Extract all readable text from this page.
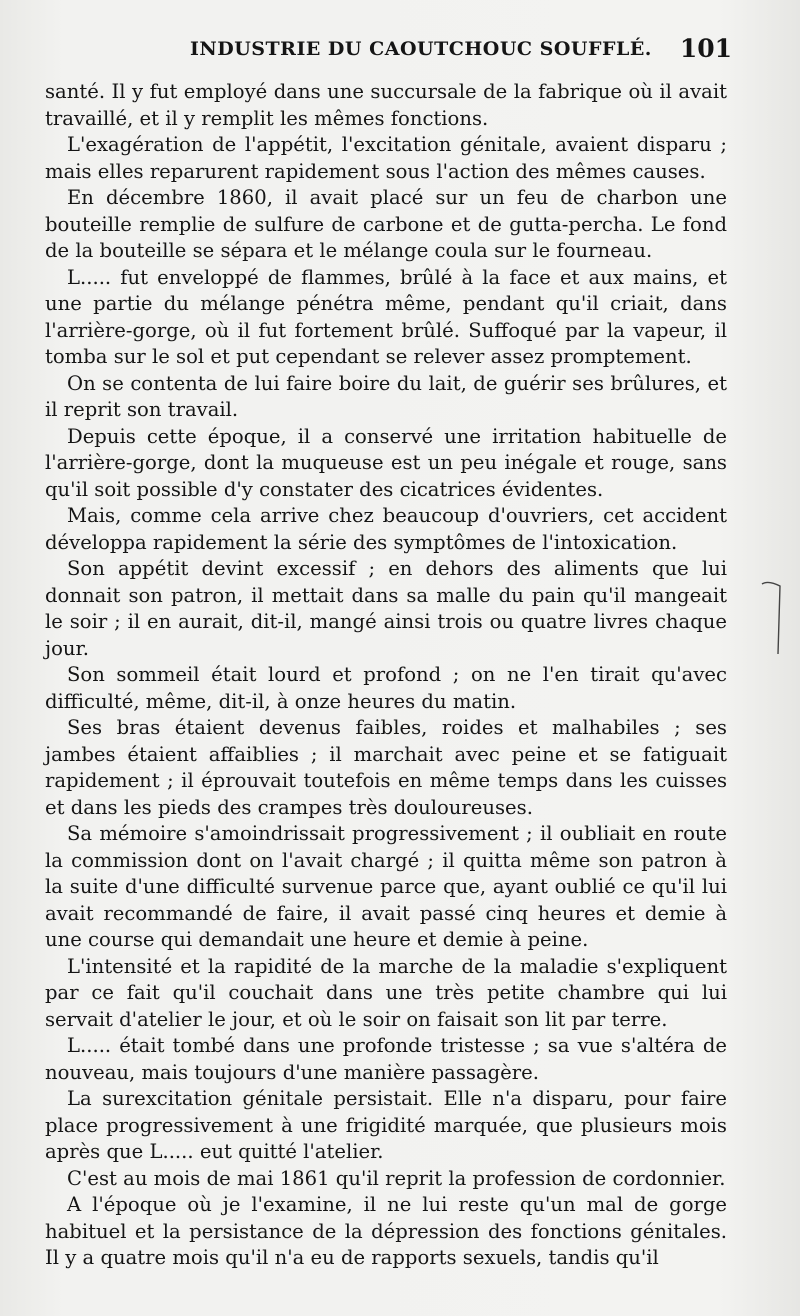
INDUSTRIE DU CAOUTCHOUC SOUFFLÉ. 101

santé. Il y fut employé dans une succursale de la fabrique où il avait travaillé, et il y remplit les mêmes fonctions.

L'exagération de l'appétit, l'excitation génitale, avaient disparu ; mais elles reparurent rapidement sous l'action des mêmes causes.

En décembre 1860, il avait placé sur un feu de charbon une bouteille remplie de sulfure de carbone et de gutta-percha. Le fond de la bouteille se sépara et le mélange coula sur le fourneau.

L..... fut enveloppé de flammes, brûlé à la face et aux mains, et une partie du mélange pénétra même, pendant qu'il criait, dans l'arrière-gorge, où il fut fortement brûlé. Suffoqué par la vapeur, il tomba sur le sol et put cependant se relever assez promptement.

On se contenta de lui faire boire du lait, de guérir ses brûlures, et il reprit son travail.

Depuis cette époque, il a conservé une irritation habituelle de l'arrière-gorge, dont la muqueuse est un peu inégale et rouge, sans qu'il soit possible d'y constater des cicatrices évidentes.

Mais, comme cela arrive chez beaucoup d'ouvriers, cet accident développa rapidement la série des symptômes de l'intoxication.

Son appétit devint excessif ; en dehors des aliments que lui donnait son patron, il mettait dans sa malle du pain qu'il mangeait le soir ; il en aurait, dit-il, mangé ainsi trois ou quatre livres chaque jour.

Son sommeil était lourd et profond ; on ne l'en tirait qu'avec difficulté, même, dit-il, à onze heures du matin.

Ses bras étaient devenus faibles, roides et malhabiles ; ses jambes étaient affaiblies ; il marchait avec peine et se fatiguait rapidement ; il éprouvait toutefois en même temps dans les cuisses et dans les pieds des crampes très douloureuses.

Sa mémoire s'amoindrissait progressivement ; il oubliait en route la commission dont on l'avait chargé ; il quitta même son patron à la suite d'une difficulté survenue parce que, ayant oublié ce qu'il lui avait recommandé de faire, il avait passé cinq heures et demie à une course qui demandait une heure et demie à peine.

L'intensité et la rapidité de la marche de la maladie s'expliquent par ce fait qu'il couchait dans une très petite chambre qui lui servait d'atelier le jour, et où le soir on faisait son lit par terre.

L..... était tombé dans une profonde tristesse ; sa vue s'altéra de nouveau, mais toujours d'une manière passagère.

La surexcitation génitale persistait. Elle n'a disparu, pour faire place progressivement à une frigidité marquée, que plusieurs mois après que L..... eut quitté l'atelier.

C'est au mois de mai 1861 qu'il reprit la profession de cordonnier.

A l'époque où je l'examine, il ne lui reste qu'un mal de gorge habituel et la persistance de la dépression des fonctions génitales. Il y a quatre mois qu'il n'a eu de rapports sexuels, tandis qu'il
